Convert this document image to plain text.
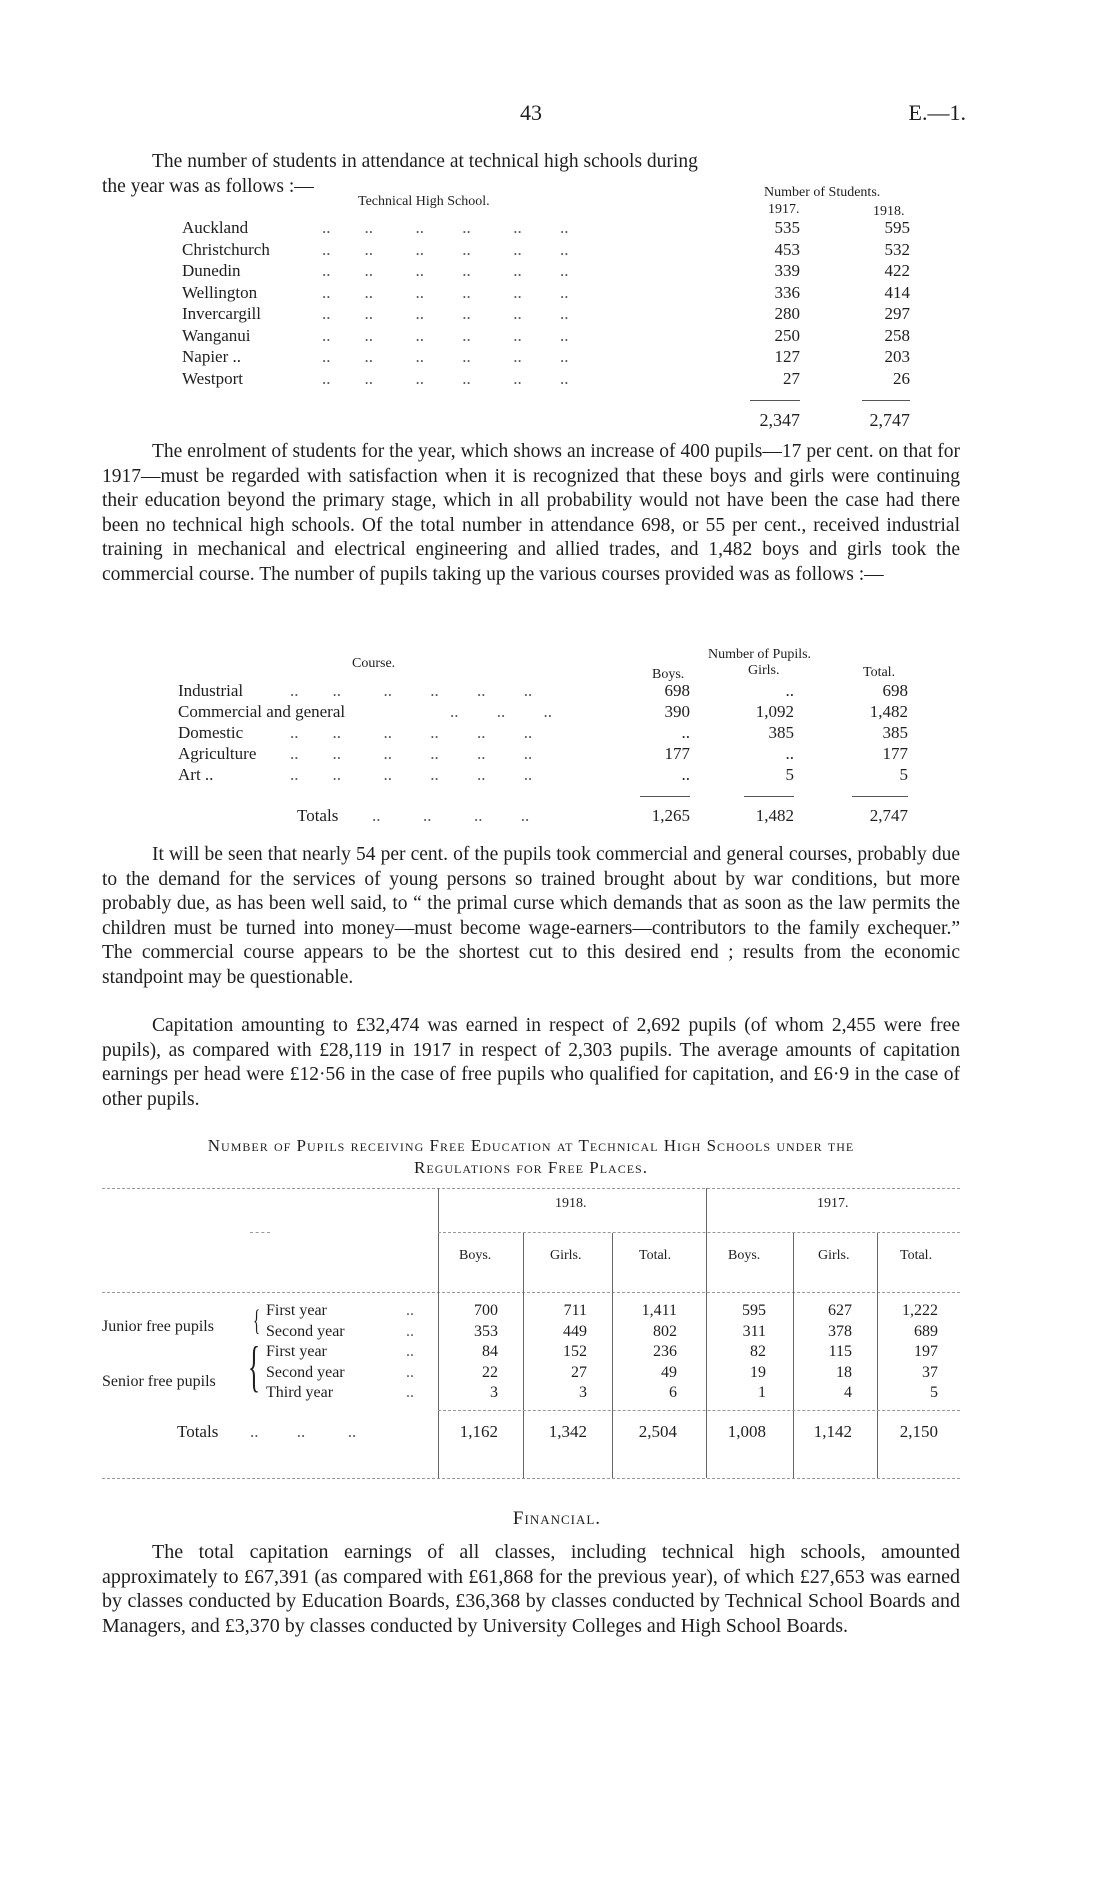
43	E.—1.

The number of students in attendance at technical high schools during the year was as follows :—

Technical High School.
Number of Students.
1917.	1918.
Auckland	..        ..          ..         ..          ..         ..	535	595
Christchurch	..        ..          ..         ..          ..         ..	453	532
Dunedin	..        ..          ..         ..          ..         ..	339	422
Wellington	..        ..          ..         ..          ..         ..	336	414
Invercargill	..        ..          ..         ..          ..         ..	280	297
Wanganui	..        ..          ..         ..          ..         ..	250	258
Napier ..	..        ..          ..         ..          ..         ..	127	203
Westport	..        ..          ..         ..          ..         ..	27	26
2,347	2,747

The enrolment of students for the year, which shows an increase of 400 pupils—17 per cent. on that for 1917—must be regarded with satisfaction when it is recognized that these boys and girls were continuing their education beyond the primary stage, which in all probability would not have been the case had there been no technical high schools. Of the total number in attendance 698, or 55 per cent., received industrial training in mechanical and electrical engineering and allied trades, and 1,482 boys and girls took the commercial course. The number of pupils taking up the various courses provided was as follows :—

Course.
Number of Pupils.
Boys.	Girls.	Total.
Industrial	..        ..          ..         ..         ..         ..	698	..	698
Commercial and general	..         ..         ..	390	1,092	1,482
Domestic	..        ..          ..         ..         ..         ..	..	385	385
Agriculture ..        ..          ..         ..         ..         ..	177	..	177
Art ..	..        ..          ..         ..         ..         ..	..	5	5
Totals ..          ..          ..         ..	1,265	1,482	2,747

It will be seen that nearly 54 per cent. of the pupils took commercial and general courses, probably due to the demand for the services of young persons so trained brought about by war conditions, but more probably due, as has been well said, to “ the primal curse which demands that as soon as the law permits the children must be turned into money—must become wage-earners—contributors to the family exchequer.” The commercial course appears to be the shortest cut to this desired end ; results from the economic standpoint may be questionable.

Capitation amounting to £32,474 was earned in respect of 2,692 pupils (of whom 2,455 were free pupils), as compared with £28,119 in 1917 in respect of 2,303 pupils. The average amounts of capitation earnings per head were £12·56 in the case of free pupils who qualified for capitation, and £6·9 in the case of other pupils.

Number of Pupils receiving Free Education at Technical High Schools under the
Regulations for Free Places.
1918.	1917.
Boys.	Girls.	Total.	Boys.	Girls.	Total.
Junior free pupils {
Senior free pupils {
First year	..	700	711	1,411	595	627	1,222
Second year	..	353	449	802	311	378	689
First year	..	84	152	236	82	115	197
Second year	..	22	27	49	19	18	37
Third year	..	3	3	6	1	4	5
Totals ..         ..          ..	1,162	1,342	2,504	1,008	1,142	2,150
Financial.

The total capitation earnings of all classes, including technical high schools, amounted approximately to £67,391 (as compared with £61,868 for the previous year), of which £27,653 was earned by classes conducted by Education Boards, £36,368 by classes conducted by Technical School Boards and Managers, and £3,370 by classes conducted by University Colleges and High School Boards.
